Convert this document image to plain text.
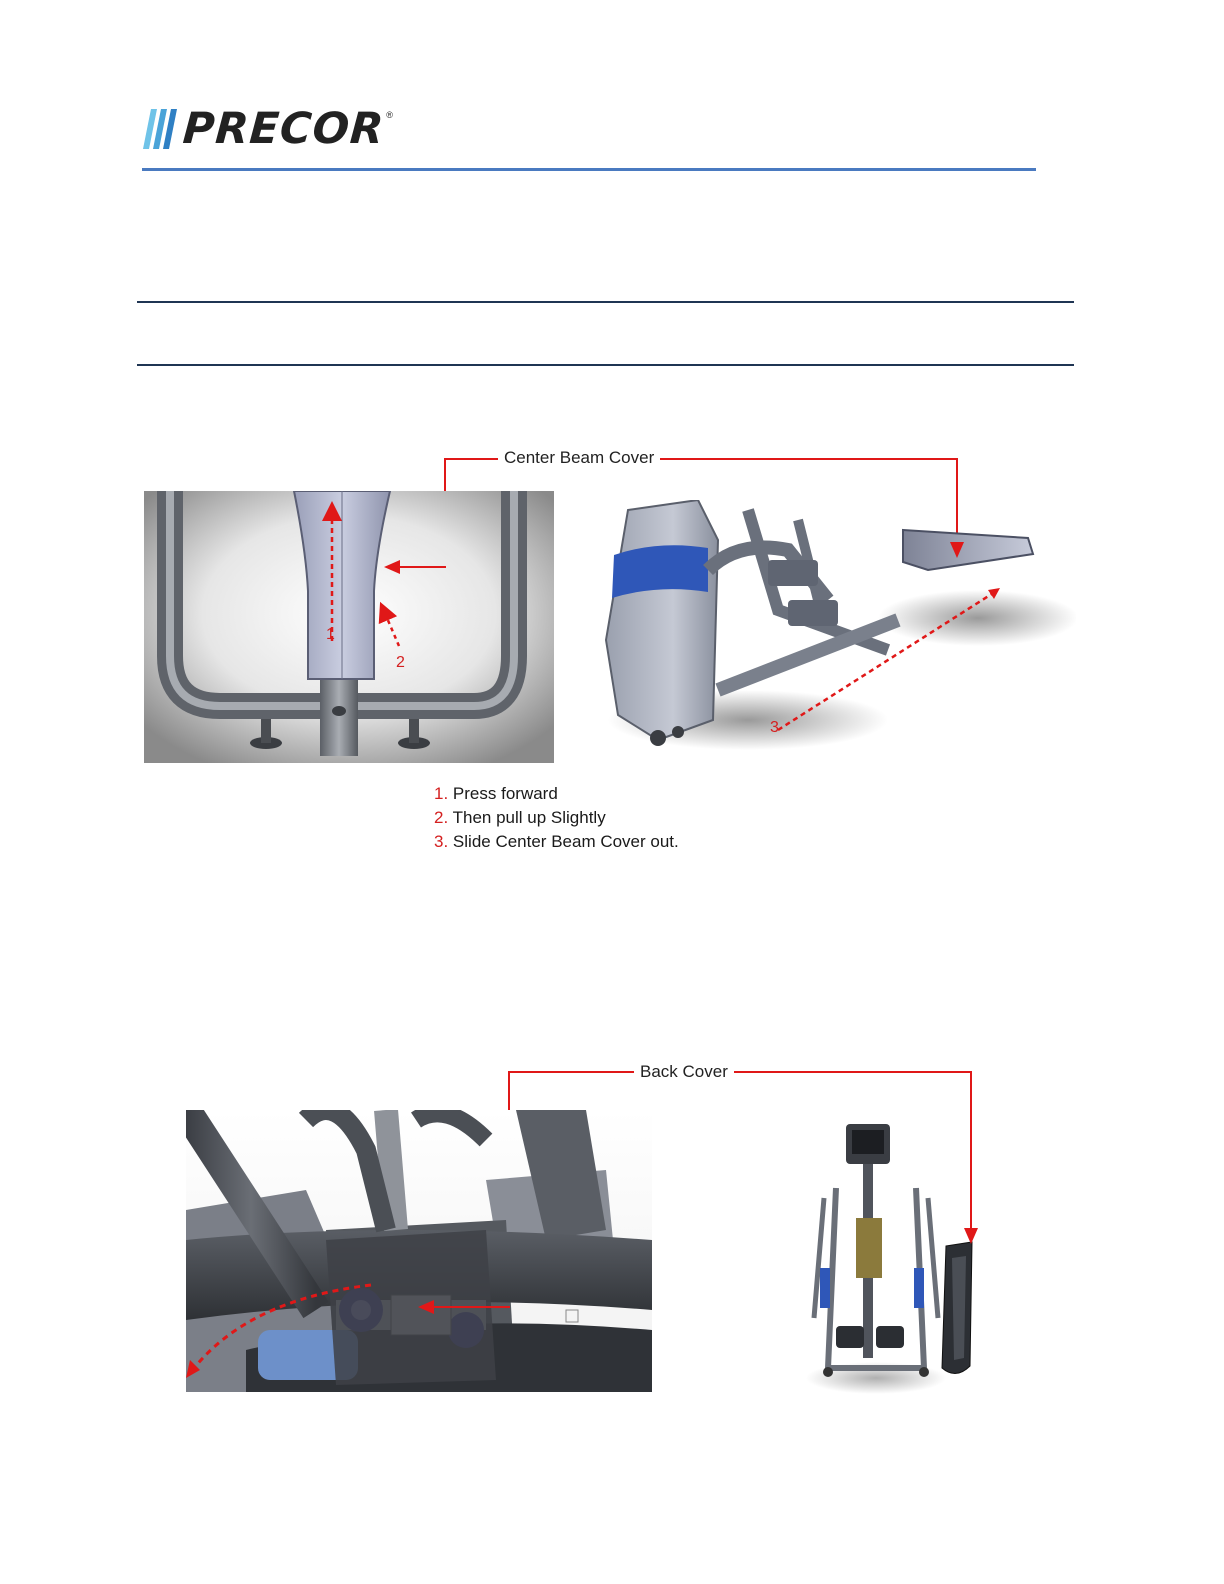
PRECOR ®
Center Beam Cover
1
2
3
1. Press forward
2. Then pull up Slightly
3. Slide Center Beam Cover out.
Back Cover
